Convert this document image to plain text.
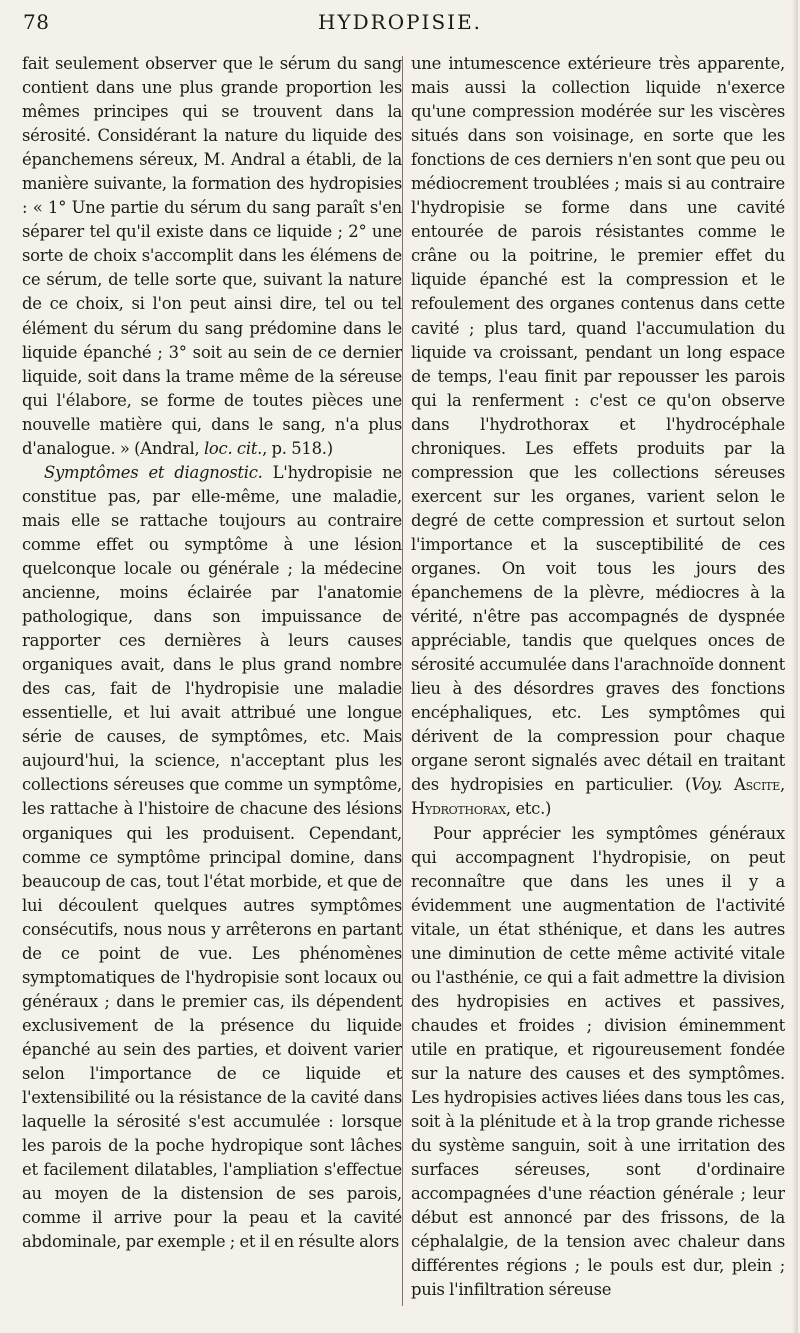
78	HYDROPISIE.

fait seulement observer que le sérum du sang contient dans une plus grande proportion les mêmes principes qui se trouvent dans la sérosité. Considérant la nature du liquide des épanchemens séreux, M. Andral a établi, de la manière suivante, la formation des hydropisies : « 1° Une partie du sérum du sang paraît s'en séparer tel qu'il existe dans ce liquide ; 2° une sorte de choix s'accomplit dans les élémens de ce sérum, de telle sorte que, suivant la nature de ce choix, si l'on peut ainsi dire, tel ou tel élément du sérum du sang prédomine dans le liquide épanché ; 3° soit au sein de ce dernier liquide, soit dans la trame même de la séreuse qui l'élabore, se forme de toutes pièces une nouvelle matière qui, dans le sang, n'a plus d'analogue. » (Andral, loc. cit., p. 518.)

Symptômes et diagnostic. L'hydropisie ne constitue pas, par elle-même, une maladie, mais elle se rattache toujours au contraire comme effet ou symptôme à une lésion quelconque locale ou générale ; la médecine ancienne, moins éclairée par l'anatomie pathologique, dans son impuissance de rapporter ces dernières à leurs causes organiques avait, dans le plus grand nombre des cas, fait de l'hydropisie une maladie essentielle, et lui avait attribué une longue série de causes, de symptômes, etc. Mais aujourd'hui, la science, n'acceptant plus les collections séreuses que comme un symptôme, les rattache à l'histoire de chacune des lésions organiques qui les produisent. Cependant, comme ce symptôme principal domine, dans beaucoup de cas, tout l'état morbide, et que de lui découlent quelques autres symptômes consécutifs, nous nous y arrêterons en partant de ce point de vue. Les phénomènes symptomatiques de l'hydropisie sont locaux ou généraux ; dans le premier cas, ils dépendent exclusivement de la présence du liquide épanché au sein des parties, et doivent varier selon l'importance de ce liquide et l'extensibilité ou la résistance de la cavité dans laquelle la sérosité s'est accumulée : lorsque les parois de la poche hydropique sont lâches et facilement dilatables, l'ampliation s'effectue au moyen de la distension de ses parois, comme il arrive pour la peau et la cavité abdominale, par exemple ; et il en résulte alors

une intumescence extérieure très apparente, mais aussi la collection liquide n'exerce qu'une compression modérée sur les viscères situés dans son voisinage, en sorte que les fonctions de ces derniers n'en sont que peu ou médiocrement troublées ; mais si au contraire l'hydropisie se forme dans une cavité entourée de parois résistantes comme le crâne ou la poitrine, le premier effet du liquide épanché est la compression et le refoulement des organes contenus dans cette cavité ; plus tard, quand l'accumulation du liquide va croissant, pendant un long espace de temps, l'eau finit par repousser les parois qui la renferment : c'est ce qu'on observe dans l'hydrothorax et l'hydrocéphale chroniques. Les effets produits par la compression que les collections séreuses exercent sur les organes, varient selon le degré de cette compression et surtout selon l'importance et la susceptibilité de ces organes. On voit tous les jours des épanchemens de la plèvre, médiocres à la vérité, n'être pas accompagnés de dyspnée appréciable, tandis que quelques onces de sérosité accumulée dans l'arachnoïde donnent lieu à des désordres graves des fonctions encéphaliques, etc. Les symptômes qui dérivent de la compression pour chaque organe seront signalés avec détail en traitant des hydropisies en particulier. (Voy. Ascite, Hydrothorax, etc.)

Pour apprécier les symptômes généraux qui accompagnent l'hydropisie, on peut reconnaître que dans les unes il y a évidemment une augmentation de l'activité vitale, un état sthénique, et dans les autres une diminution de cette même activité vitale ou l'asthénie, ce qui a fait admettre la division des hydropisies en actives et passives, chaudes et froides ; division éminemment utile en pratique, et rigoureusement fondée sur la nature des causes et des symptômes. Les hydropisies actives liées dans tous les cas, soit à la plénitude et à la trop grande richesse du système sanguin, soit à une irritation des surfaces séreuses, sont d'ordinaire accompagnées d'une réaction générale ; leur début est annoncé par des frissons, de la céphalalgie, de la tension avec chaleur dans différentes régions ; le pouls est dur, plein ; puis l'infiltration séreuse
